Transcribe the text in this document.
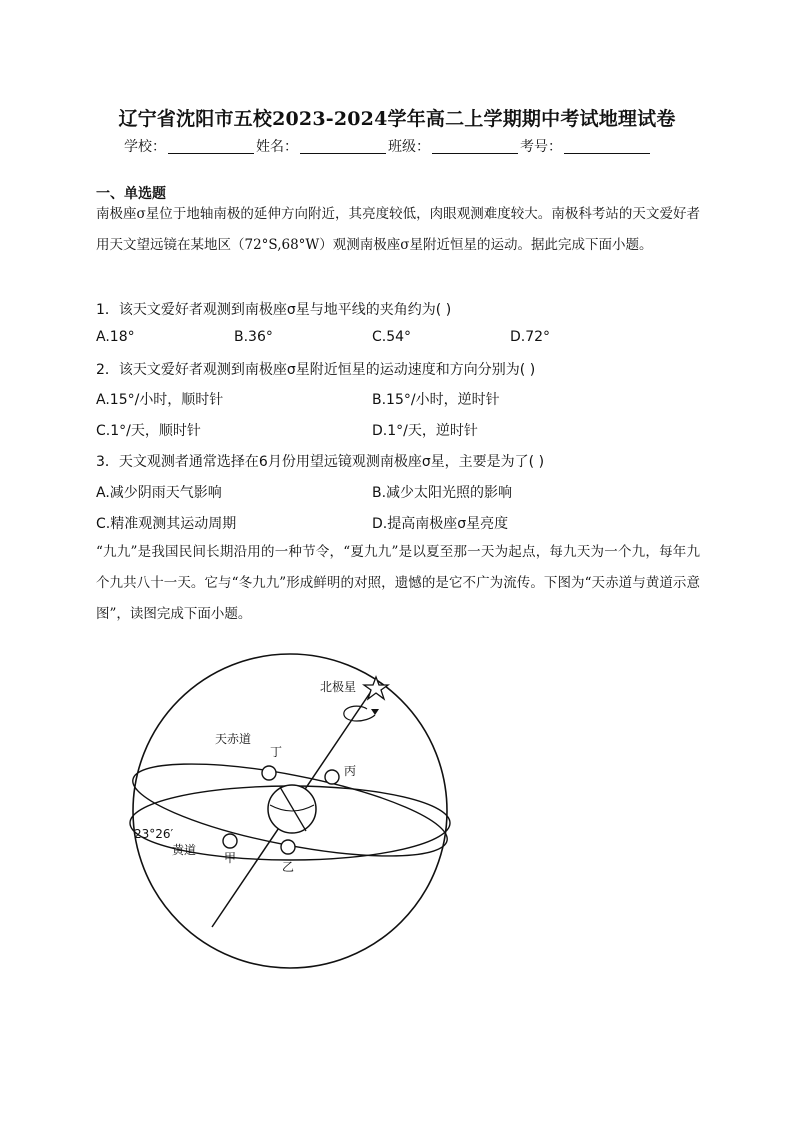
辽宁省沈阳市五校2023-2024学年高二上学期期中考试地理试卷
学校：	姓名：	班级：	考号：
一、单选题
南极座σ星位于地轴南极的延伸方向附近，其亮度较低，肉眼观测难度较大。南极科考站的天文爱好者用天文望远镜在某地区（72°S,68°W）观测南极座σ星附近恒星的运动。据此完成下面小题。
1．该天文爱好者观测到南极座σ星与地平线的夹角约为( )
A.18°	B.36°	C.54°	D.72°
2．该天文爱好者观测到南极座σ星附近恒星的运动速度和方向分别为( )
A.15°/小时，顺时针	B.15°/小时，逆时针
C.1°/天，顺时针	D.1°/天，逆时针
3．天文观测者通常选择在6月份用望远镜观测南极座σ星，主要是为了( )
A.减少阴雨天气影响	B.减少太阳光照的影响
C.精准观测其运动周期	D.提高南极座σ星亮度
“九九”是我国民间长期沿用的一种节令，“夏九九”是以夏至那一天为起点，每九天为一个九，每年九个九共八十一天。它与“冬九九”形成鲜明的对照，遗憾的是它不广为流传。下图为“天赤道与黄道示意图”，读图完成下面小题。
北极星
天赤道
23°26′
黄道
丁
丙
甲
乙
